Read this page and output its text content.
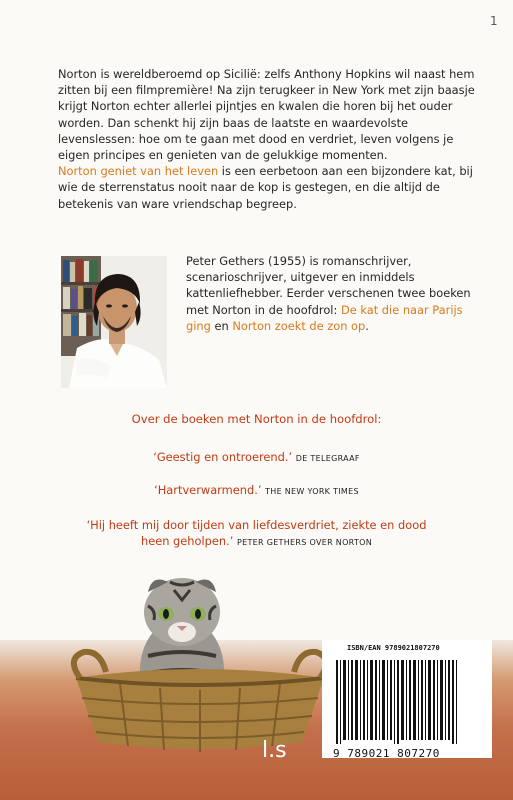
1

Norton is wereldberoemd op Sicilië: zelfs Anthony Hopkins wil naast hem zitten bij een filmpremière! Na zijn terugkeer in New York met zijn baasje krijgt Norton echter allerlei pijntjes en kwalen die horen bij het ouder worden. Dan schenkt hij zijn baas de laatste en waardevolste levenslessen: hoe om te gaan met dood en verdriet, leven volgens je eigen principes en genieten van de gelukkige momenten.
Norton geniet van het leven is een eerbetoon aan een bijzondere kat, bij wie de sterrenstatus nooit naar de kop is gestegen, en die altijd de betekenis van ware vriendschap begreep.

Peter Gethers (1955) is romanschrijver, scenarioschrijver, uitgever en inmiddels kattenliefhebber. Eerder verschenen twee boeken met Norton in de hoofdrol: De kat die naar Parijs ging en Norton zoekt de zon op.

Over de boeken met Norton in de hoofdrol:
‘Geestig en ontroerend.’ DE TELEGRAAF
‘Hartverwarmend.’ THE NEW YORK TIMES
‘Hij heeft mij door tijden van liefdesverdriet, ziekte en dood
heen geholpen.’ PETER GETHERS OVER NORTON
ISBN/EAN 9789021807270
9 789021 807270
l.s
